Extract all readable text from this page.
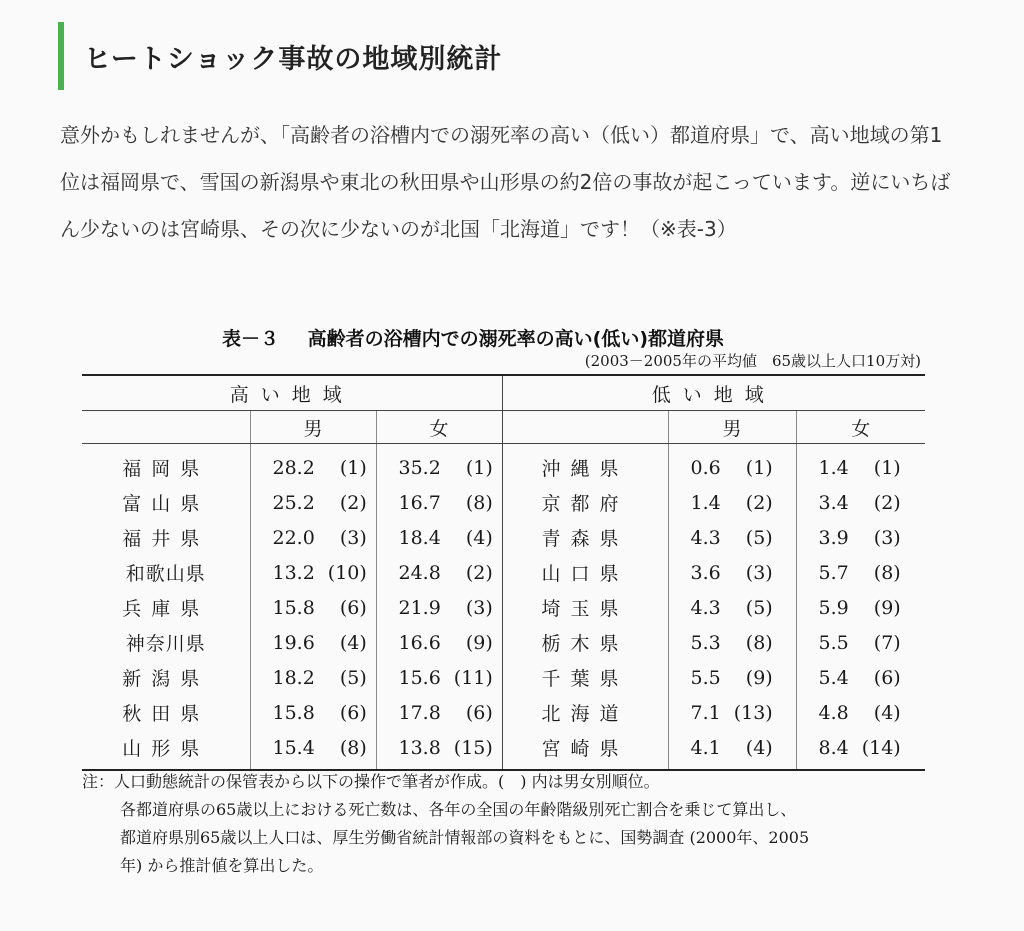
ヒートショック事故の地域別統計

意外かもしれませんが、「高齢者の浴槽内での溺死率の高い（低い）都道府県」で、高い地域の第1位は福岡県で、雪国の新潟県や東北の秋田県や山形県の約2倍の事故が起こっています。逆にいちばん少ないのは宮崎県、その次に少ないのが北国「北海道」です！（※表-3）

表－３ 高齢者の浴槽内での溺死率の高い(低い)都道府県
(2003－2005年の平均値　65歳以上人口10万対)
高い地域			低い地域		
	男	女		男	女
福岡県	28.2 (1)	35.2 (1)	沖縄県	0.6 (1)	1.4 (1)
富山県	25.2 (2)	16.7 (8)	京都府	1.4 (2)	3.4 (2)
福井県	22.0 (3)	18.4 (4)	青森県	4.3 (5)	3.9 (3)
和歌山県	13.2 (10)	24.8 (2)	山口県	3.6 (3)	5.7 (8)
兵庫県	15.8 (6)	21.9 (3)	埼玉県	4.3 (5)	5.9 (9)
神奈川県	19.6 (4)	16.6 (9)	栃木県	5.3 (8)	5.5 (7)
新潟県	18.2 (5)	15.6 (11)	千葉県	5.5 (9)	5.4 (6)
秋田県	15.8 (6)	17.8 (6)	北海道	7.1 (13)	4.8 (4)
山形県	15.4 (8)	13.8 (15)	宮崎県	4.1 (4)	8.4 (14)
注：人口動態統計の保管表から以下の操作で筆者が作成。(　) 内は男女別順位。
各都道府県の65歳以上における死亡数は、各年の全国の年齢階級別死亡割合を乗じて算出し、
都道府県別65歳以上人口は、厚生労働省統計情報部の資料をもとに、国勢調査 (2000年、2005
年) から推計値を算出した。
